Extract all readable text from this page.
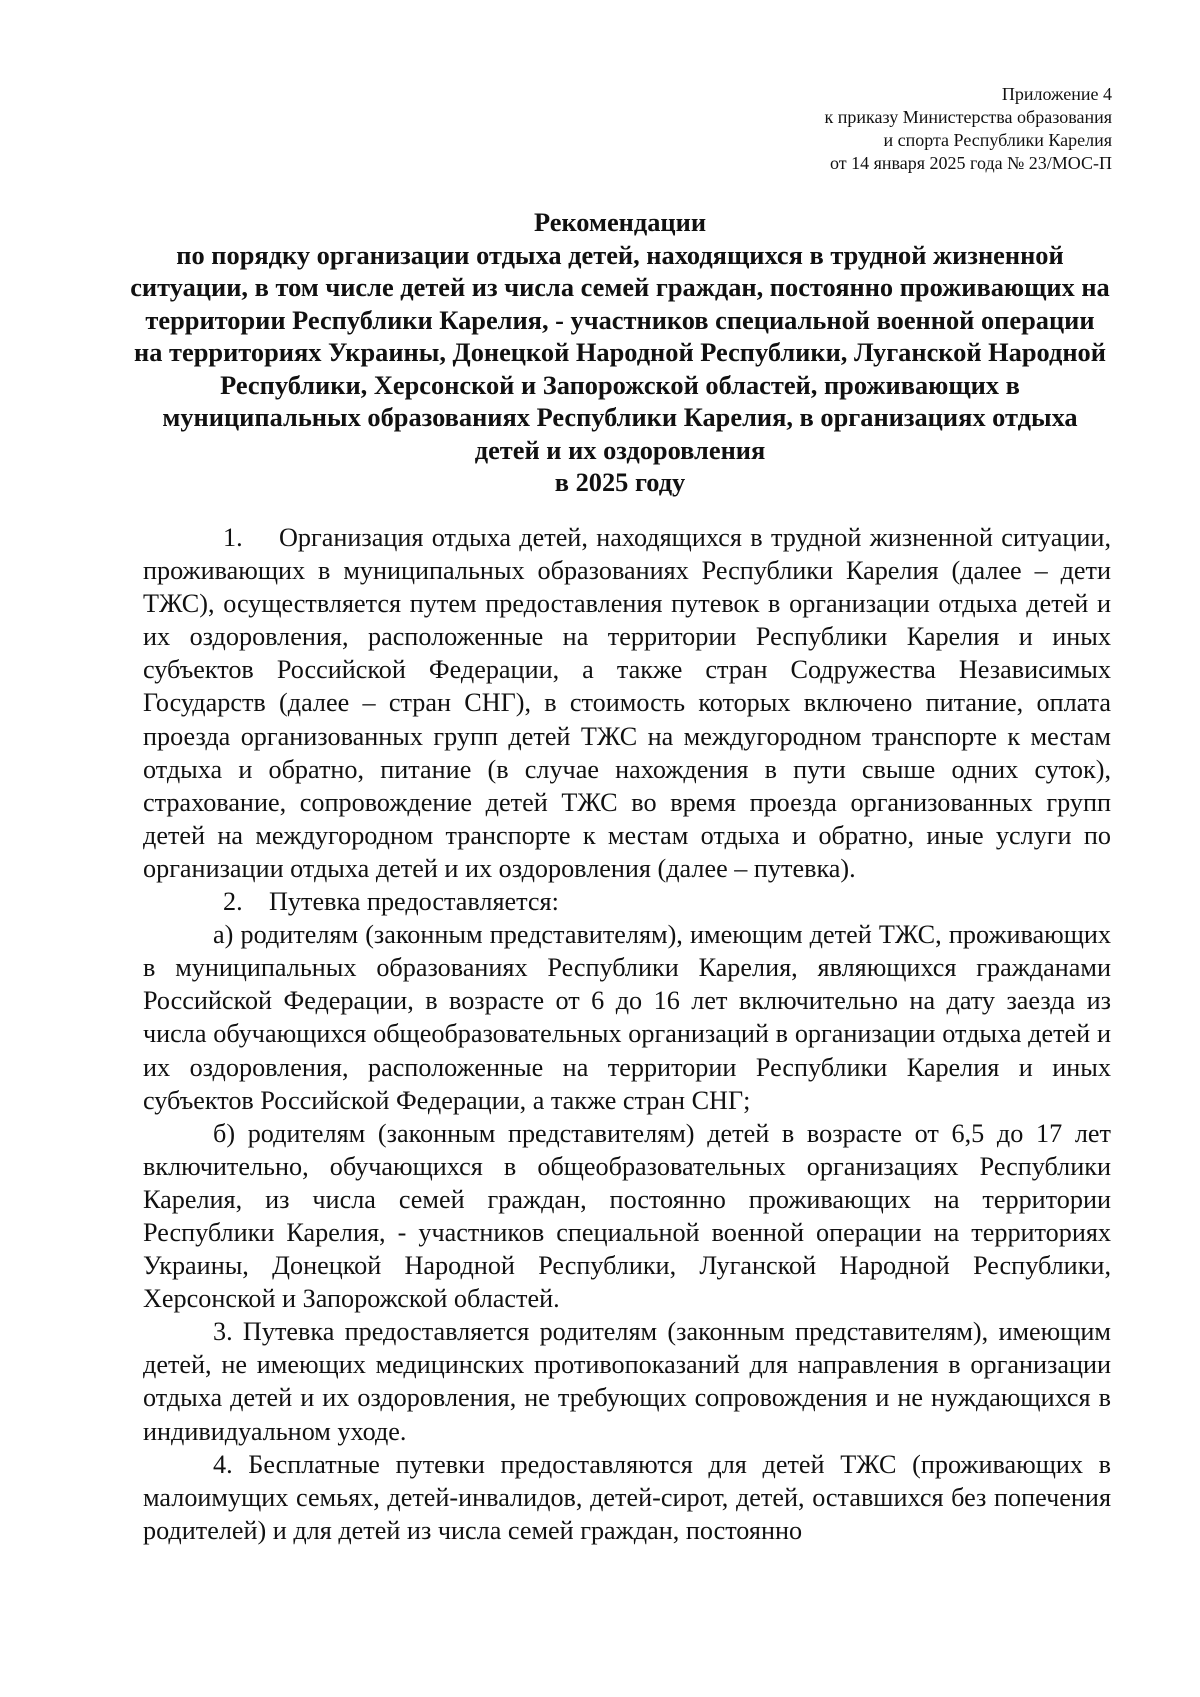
Приложение 4
к приказу Министерства образования
и спорта Республики Карелия
от 14 января 2025 года № 23/МОС-П
Рекомендации
по порядку организации отдыха детей, находящихся в трудной жизненной ситуации, в том числе детей из числа семей граждан, постоянно проживающих на территории Республики Карелия, - участников специальной военной операции на территориях Украины, Донецкой Народной Республики, Луганской Народной Республики, Херсонской и Запорожской областей, проживающих в муниципальных образованиях Республики Карелия, в организациях отдыха детей и их оздоровления
в 2025 году

1. Организация отдыха детей, находящихся в трудной жизненной ситуации, проживающих в муниципальных образованиях Республики Карелия (далее – дети ТЖС), осуществляется путем предоставления путевок в организации отдыха детей и их оздоровления, расположенные на территории Республики Карелия и иных субъектов Российской Федерации, а также стран Содружества Независимых Государств (далее – стран СНГ), в стоимость которых включено питание, оплата проезда организованных групп детей ТЖС на междугородном транспорте к местам отдыха и обратно, питание (в случае нахождения в пути свыше одних суток), страхование, сопровождение детей ТЖС во время проезда организованных групп детей на междугородном транспорте к местам отдыха и обратно, иные услуги по организации отдыха детей и их оздоровления (далее – путевка).

2. Путевка предоставляется:

а) родителям (законным представителям), имеющим детей ТЖС, проживающих в муниципальных образованиях Республики Карелия, являющихся гражданами Российской Федерации, в возрасте от 6 до 16 лет включительно на дату заезда из числа обучающихся общеобразовательных организаций в организации отдыха детей и их оздоровления, расположенные на территории Республики Карелия и иных субъектов Российской Федерации, а также стран СНГ;

б) родителям (законным представителям) детей в возрасте от 6,5 до 17 лет включительно, обучающихся в общеобразовательных организациях Республики Карелия, из числа семей граждан, постоянно проживающих на территории Республики Карелия, - участников специальной военной операции на территориях Украины, Донецкой Народной Республики, Луганской Народной Республики, Херсонской и Запорожской областей.

3. Путевка предоставляется родителям (законным представителям), имеющим детей, не имеющих медицинских противопоказаний для направления в организации отдыха детей и их оздоровления, не требующих сопровождения и не нуждающихся в индивидуальном уходе.

4. Бесплатные путевки предоставляются для детей ТЖС (проживающих в малоимущих семьях, детей-инвалидов, детей-сирот, детей, оставшихся без попечения родителей) и для детей из числа семей граждан, постоянно
